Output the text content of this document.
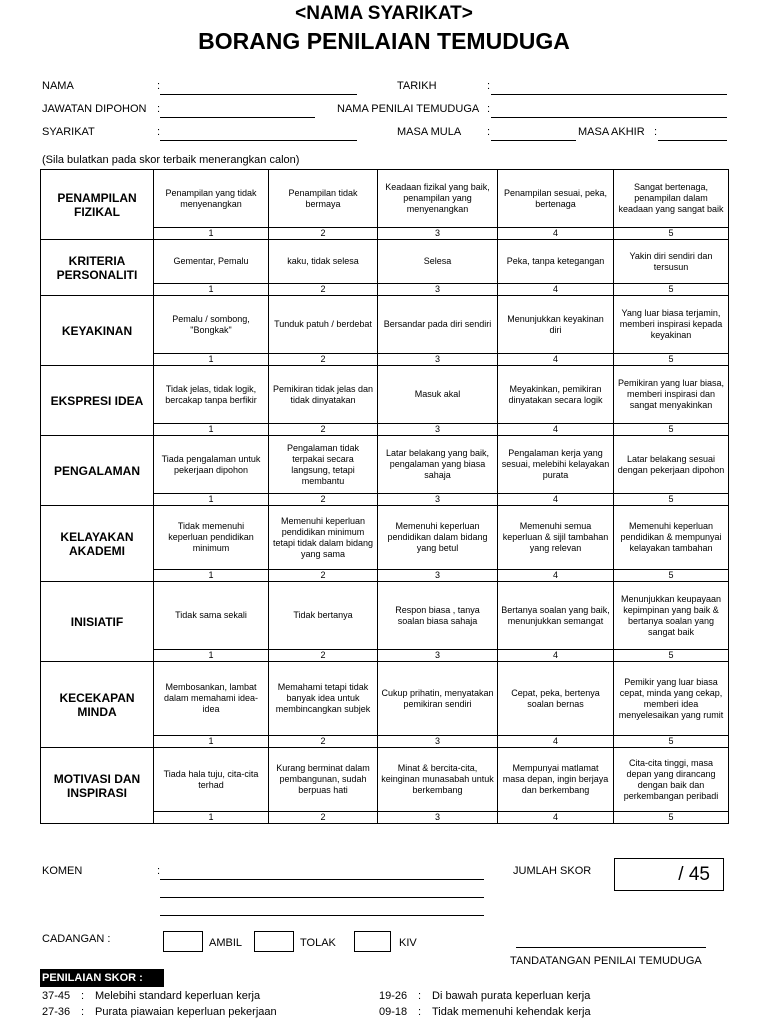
<NAMA SYARIKAT>
BORANG PENILAIAN TEMUDUGA
NAMA	:	TARIKH	:
JAWATAN DIPOHON :	NAMA PENILAI TEMUDUGA :
SYARIKAT	:	MASA MULA :	MASA AKHIR :
(Sila bulatkan pada skor terbaik menerangkan calon)
PENAMPILAN FIZIKAL	Penampilan yang tidak menyenangkan	Penampilan tidak bermaya	Keadaan fizikal yang baik, penampilan yang menyenangkan	Penampilan sesuai, peka, bertenaga	Sangat bertenaga, penampilan dalam keadaan yang sangat baik
	1	2	3	4	5
KRITERIA PERSONALITI	Gementar, Pemalu	kaku, tidak selesa	Selesa	Peka, tanpa ketegangan	Yakin diri sendiri dan tersusun
	1	2	3	4	5
KEYAKINAN	Pemalu / sombong, "Bongkak"	Tunduk patuh / berdebat	Bersandar pada diri sendiri	Menunjukkan keyakinan diri	Yang luar biasa terjamin, memberi inspirasi kepada keyakinan
	1	2	3	4	5
EKSPRESI IDEA	Tidak jelas, tidak logik, bercakap tanpa berfikir	Pemikiran tidak jelas dan tidak dinyatakan	Masuk akal	Meyakinkan, pemikiran dinyatakan secara logik	Pemikiran yang luar biasa, memberi inspirasi dan sangat menyakinkan
	1	2	3	4	5
PENGALAMAN	Tiada pengalaman untuk pekerjaan dipohon	Pengalaman tidak terpakai secara langsung, tetapi membantu	Latar belakang yang baik, pengalaman yang biasa sahaja	Pengalaman kerja yang sesuai, melebihi kelayakan purata	Latar belakang sesuai dengan pekerjaan dipohon
	1	2	3	4	5
KELAYAKAN AKADEMI	Tidak memenuhi keperluan pendidikan minimum	Memenuhi keperluan pendidikan minimum tetapi tidak dalam bidang yang sama	Memenuhi keperluan pendidikan dalam bidang yang betul	Memenuhi semua keperluan & sijil tambahan yang relevan	Memenuhi keperluan pendidikan & mempunyai kelayakan tambahan
	1	2	3	4	5
INISIATIF	Tidak sama sekali	Tidak bertanya	Respon biasa , tanya soalan biasa sahaja	Bertanya soalan yang baik, menunjukkan semangat	Menunjukkan keupayaan kepimpinan yang baik & bertanya soalan yang sangat baik
	1	2	3	4	5
KECEKAPAN MINDA	Membosankan, lambat dalam memahami idea-idea	Memahami tetapi tidak banyak idea untuk membincangkan subjek	Cukup prihatin, menyatakan pemikiran sendiri	Cepat, peka, bertenya soalan bernas	Pemikir yang luar biasa cepat, minda yang cekap, memberi idea menyelesaikan yang rumit
	1	2	3	4	5
MOTIVASI DAN INSPIRASI	Tiada hala tuju, cita-cita terhad	Kurang berminat dalam pembangunan, sudah berpuas hati	Minat & bercita-cita, keinginan munasabah untuk berkembang	Mempunyai matlamat masa depan, ingin berjaya dan berkembang	Cita-cita tinggi, masa depan yang dirancang dengan baik dan perkembangan peribadi
	1	2	3	4	5
KOMEN	:	JUMLAH SKOR	/ 45
CADANGAN :	AMBIL	TOLAK	KIV
TANDATANGAN PENILAI TEMUDUGA
PENILAIAN SKOR :
37-45 : Melebihi standard keperluan kerja
27-36 : Purata piawaian keperluan pekerjaan
19-26 : Di bawah purata keperluan kerja
09-18 : Tidak memenuhi kehendak kerja
